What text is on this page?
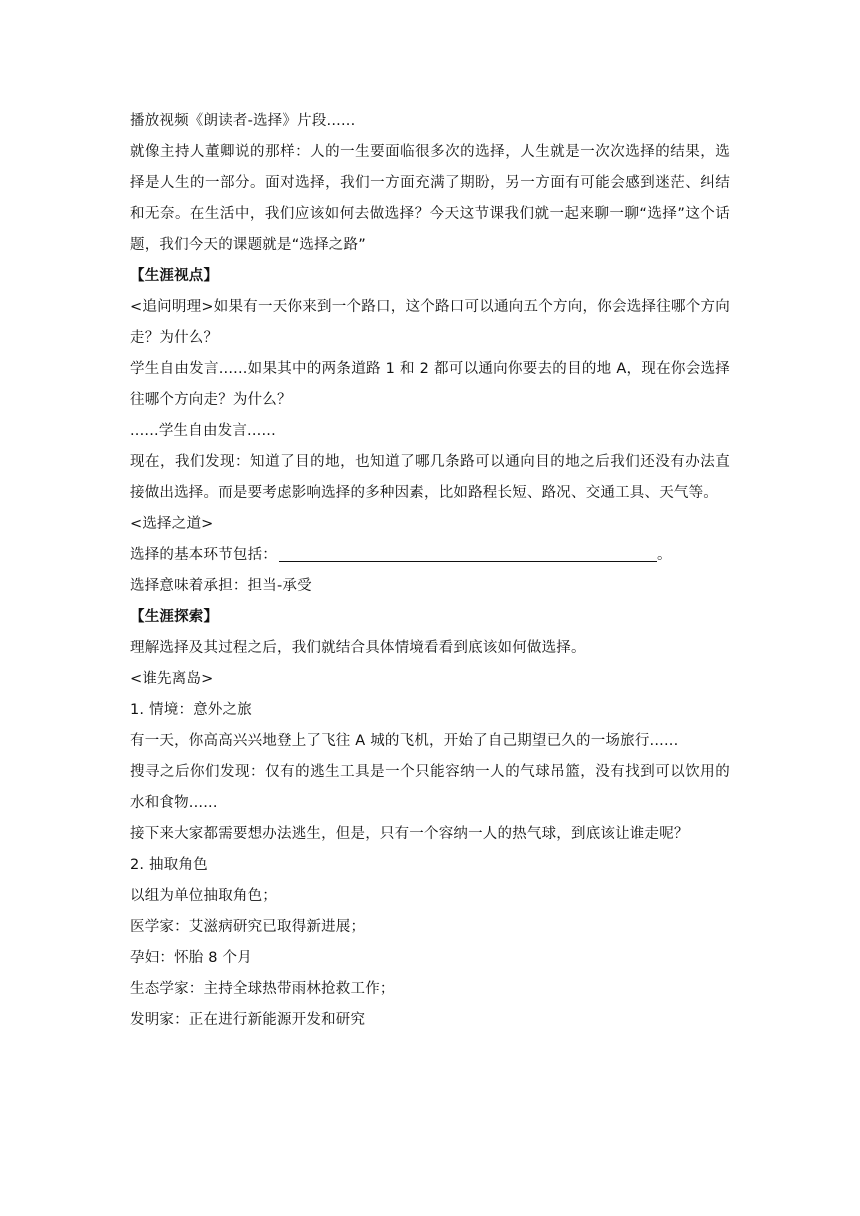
播放视频《朗读者-选择》片段......

就像主持人董卿说的那样：人的一生要面临很多次的选择，人生就是一次次选择的结果，选择是人生的一部分。面对选择，我们一方面充满了期盼，另一方面有可能会感到迷茫、纠结和无奈。在生活中，我们应该如何去做选择？今天这节课我们就一起来聊一聊“选择”这个话题，我们今天的课题就是“选择之路”

【生涯视点】

<追问明理>如果有一天你来到一个路口，这个路口可以通向五个方向，你会选择往哪个方向走？为什么？

学生自由发言......如果其中的两条道路 1 和 2 都可以通向你要去的目的地 A，现在你会选择往哪个方向走？为什么？

......学生自由发言......

现在，我们发现：知道了目的地，也知道了哪几条路可以通向目的地之后我们还没有办法直接做出选择。而是要考虑影响选择的多种因素，比如路程长短、路况、交通工具、天气等。

<选择之道>

选择的基本环节包括：	。

选择意味着承担：担当-承受

【生涯探索】

理解选择及其过程之后，我们就结合具体情境看看到底该如何做选择。

<谁先离岛>

1. 情境：意外之旅

有一天，你高高兴兴地登上了飞往 A 城的飞机，开始了自己期望已久的一场旅行......

搜寻之后你们发现：仅有的逃生工具是一个只能容纳一人的气球吊篮，没有找到可以饮用的水和食物......

接下来大家都需要想办法逃生，但是，只有一个容纳一人的热气球，到底该让谁走呢？

2. 抽取角色

以组为单位抽取角色；

医学家：艾滋病研究已取得新进展；

孕妇：怀胎 8 个月

生态学家：主持全球热带雨林抢救工作；

发明家：正在进行新能源开发和研究
